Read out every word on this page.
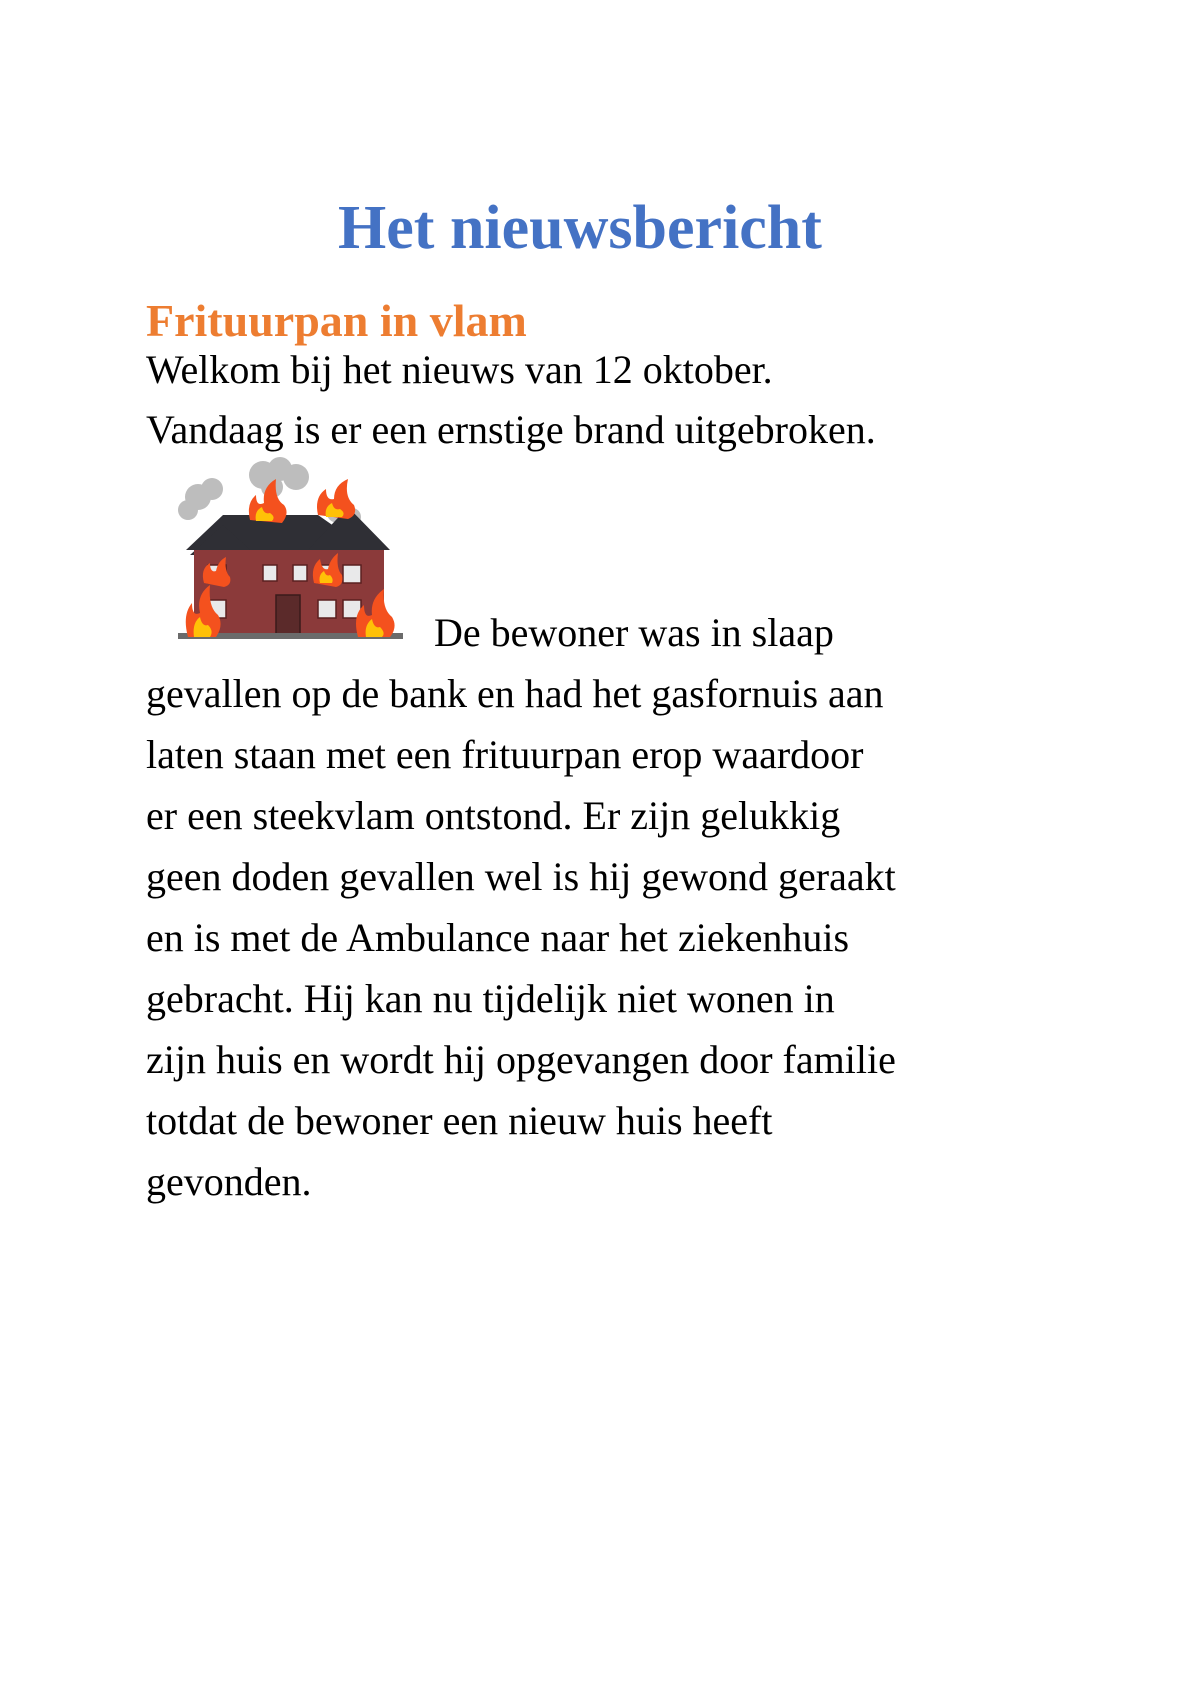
Het nieuwsbericht
Frituurpan in vlam

Welkom bij het nieuws van 12 oktober.

Vandaag is er een ernstige brand uitgebroken.

De bewoner was in slaap
gevallen op de bank en had het gasfornuis aan
laten staan met een frituurpan erop waardoor
er een steekvlam ontstond. Er zijn gelukkig
geen doden gevallen wel is hij gewond geraakt
en is met de Ambulance naar het ziekenhuis
gebracht. Hij kan nu tijdelijk niet wonen in
zijn huis en wordt hij opgevangen door familie
totdat de bewoner een nieuw huis heeft
gevonden.
